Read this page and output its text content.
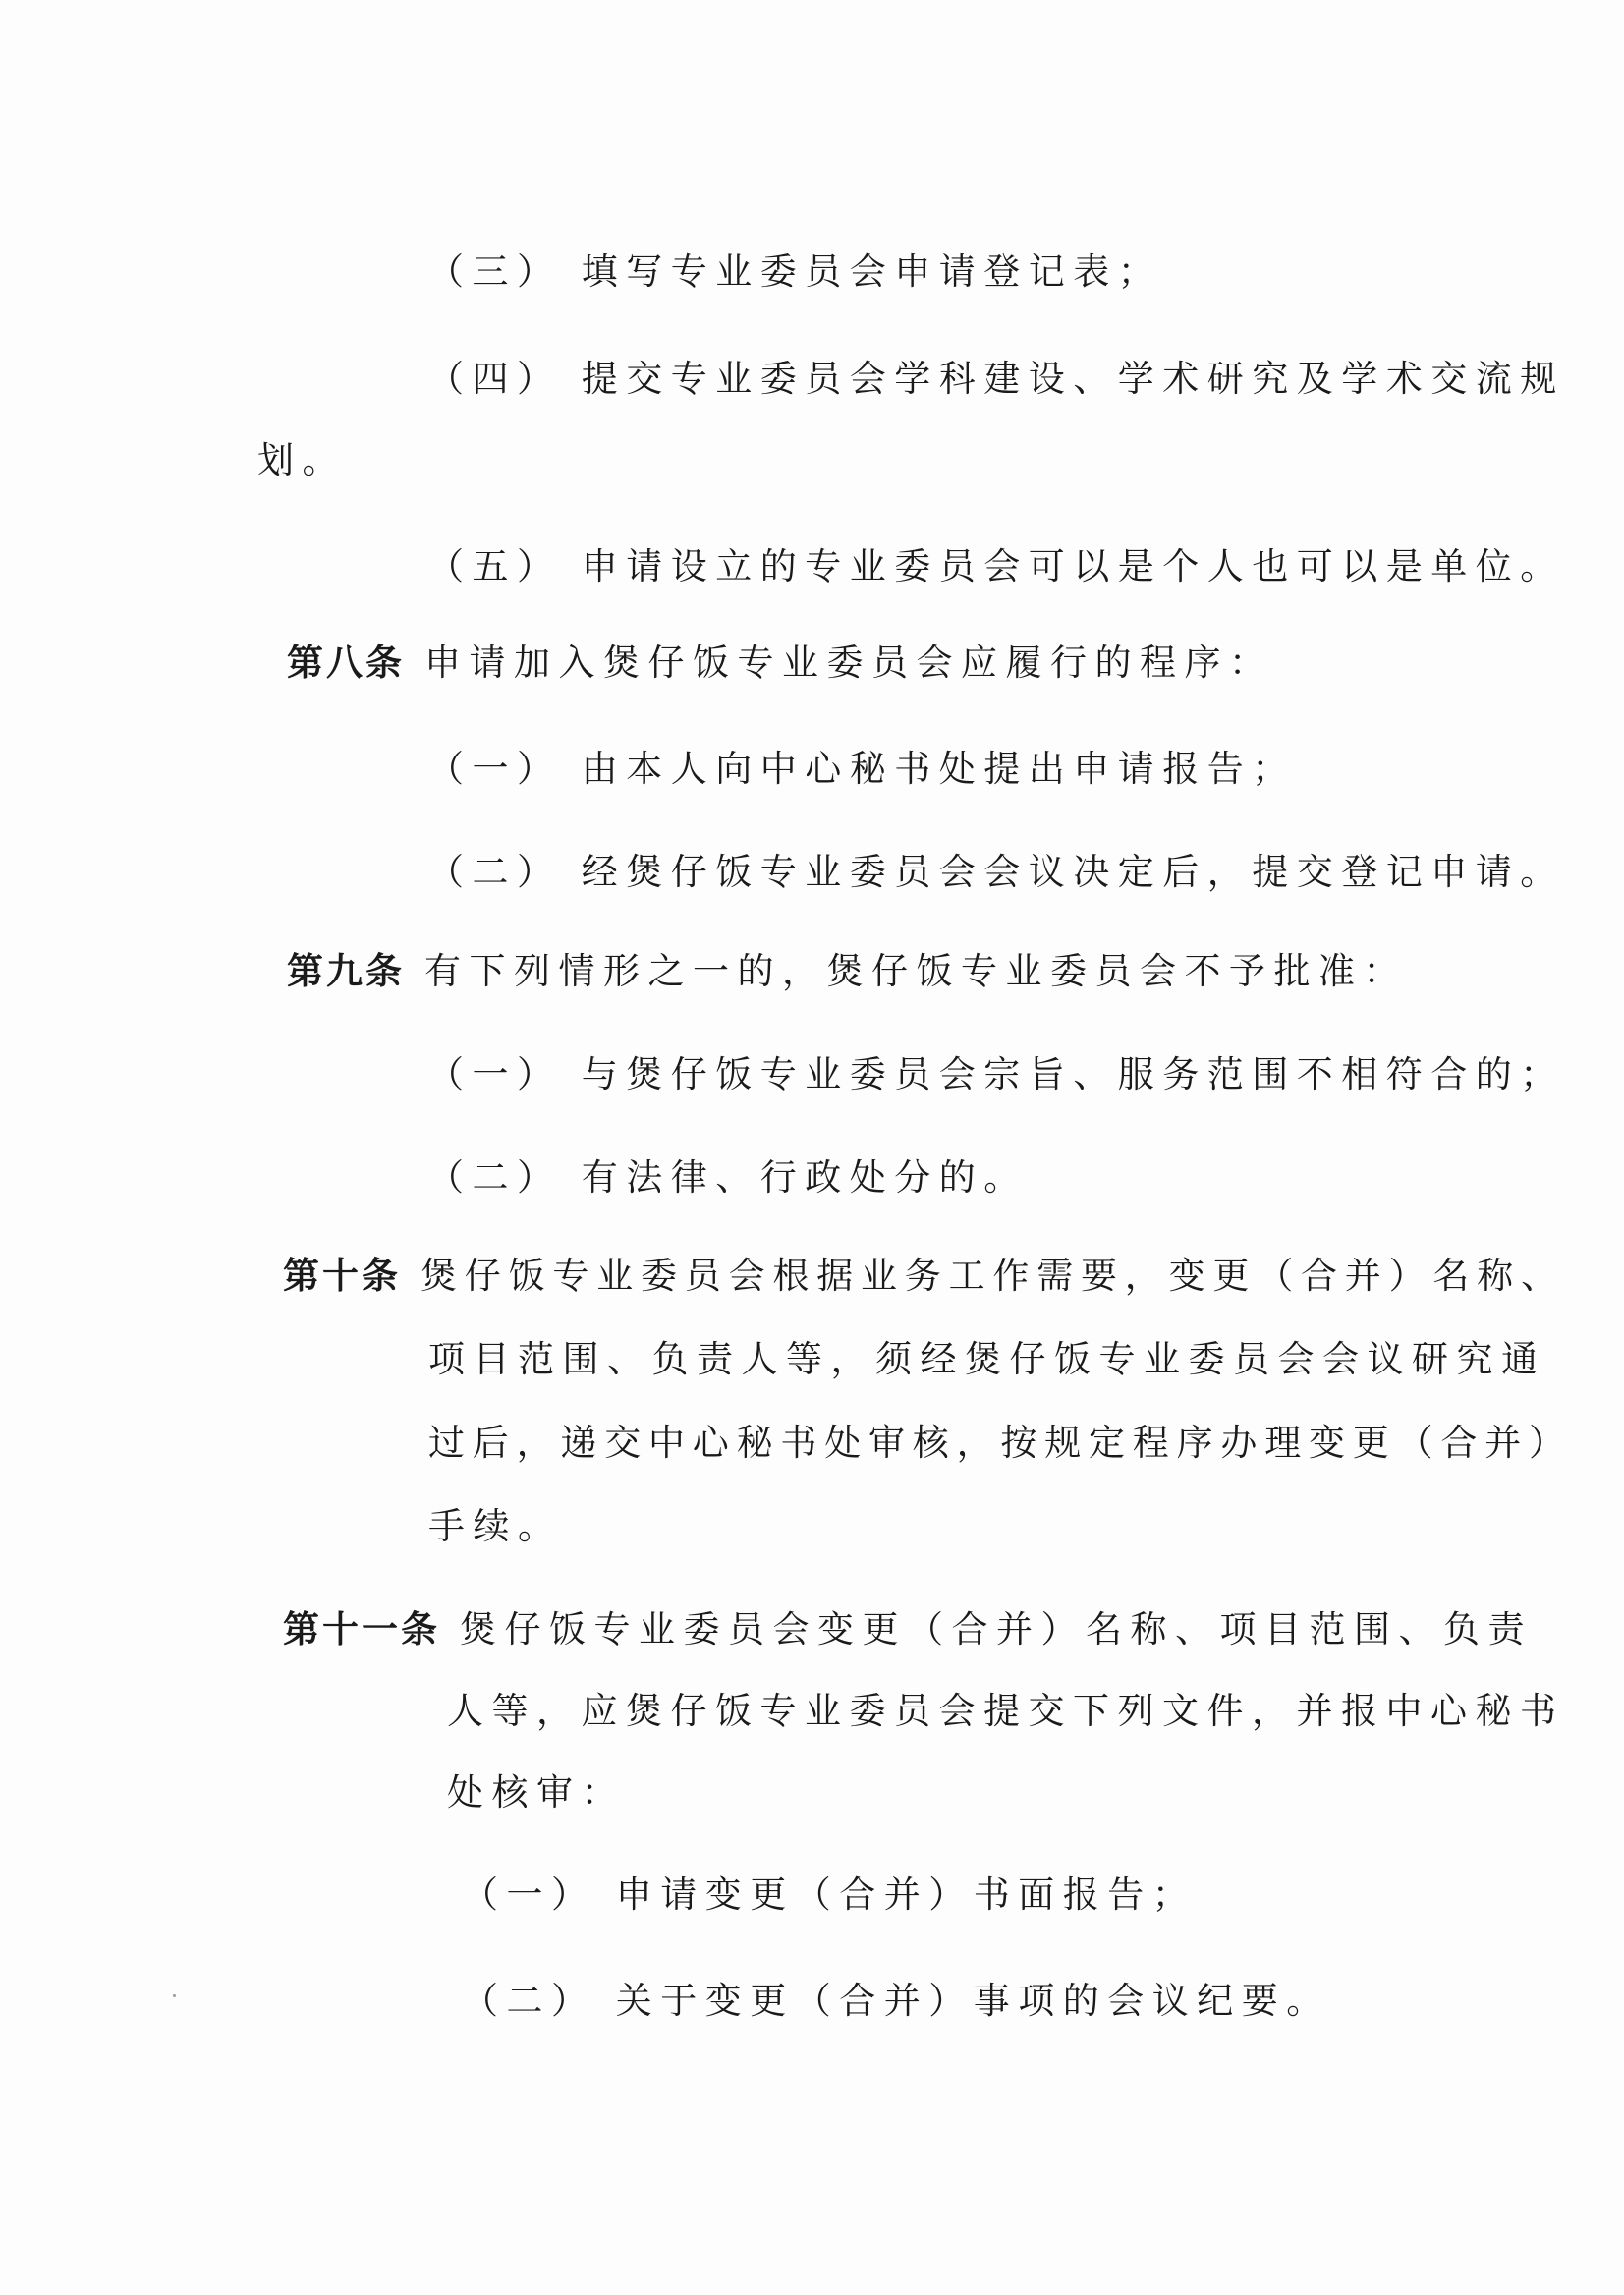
（三） 填写专业委员会申请登记表；
（四） 提交专业委员会学科建设、学术研究及学术交流规
划。
（五） 申请设立的专业委员会可以是个人也可以是单位。
第八条 申请加入煲仔饭专业委员会应履行的程序：
（一） 由本人向中心秘书处提出申请报告；
（二） 经煲仔饭专业委员会会议决定后，提交登记申请。
第九条 有下列情形之一的，煲仔饭专业委员会不予批准：
（一） 与煲仔饭专业委员会宗旨、服务范围不相符合的；
（二） 有法律、行政处分的。
第十条 煲仔饭专业委员会根据业务工作需要，变更（合并）名称、
项目范围、负责人等，须经煲仔饭专业委员会会议研究通
过后，递交中心秘书处审核，按规定程序办理变更（合并）
手续。
第十一条 煲仔饭专业委员会变更（合并）名称、项目范围、负责
人等，应煲仔饭专业委员会提交下列文件，并报中心秘书
处核审：
（一） 申请变更（合并）书面报告；
（二） 关于变更（合并）事项的会议纪要。
